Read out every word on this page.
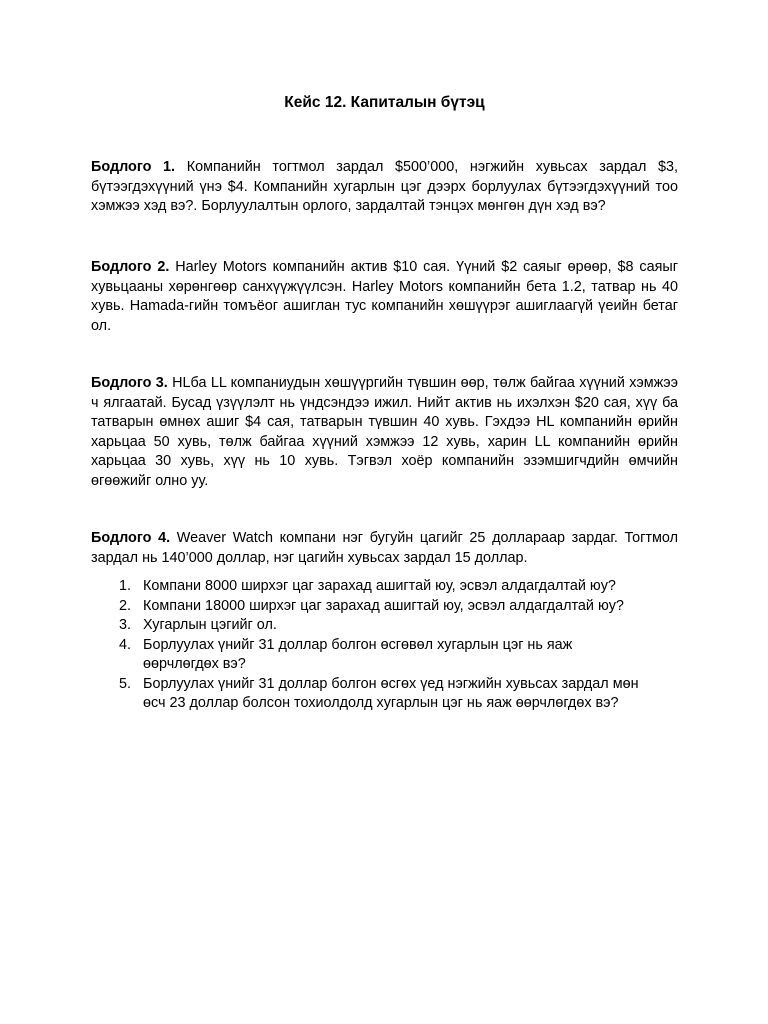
Кейс 12. Капиталын бүтэц

Бодлого 1. Компанийн тогтмол зардал $500’000, нэгжийн хувьсах зардал $3, бүтээгдэхүүний үнэ $4. Компанийн хугарлын цэг дээрх борлуулах бүтээгдэхүүний тоо хэмжээ хэд вэ?. Борлуулалтын орлого, зардалтай тэнцэх мөнгөн дүн хэд вэ?

Бодлого 2. Harley Motors компанийн актив $10 сая. Үүний $2 саяыг өрөөр, $8 саяыг хувьцааны хөрөнгөөр санхүүжүүлсэн. Harley Motors компанийн бета 1.2, татвар нь 40 хувь. Hamada-гийн томъёог ашиглан тус компанийн хөшүүрэг ашиглаагүй үеийн бетаг ол.

Бодлого 3. HLба LL компаниудын хөшүүргийн түвшин өөр, төлж байгаа хүүний хэмжээ ч ялгаатай. Бусад үзүүлэлт нь үндсэндээ ижил. Нийт актив нь ихэлхэн $20 сая, хүү ба татварын өмнөх ашиг $4 сая, татварын түвшин 40 хувь. Гэхдээ HL компанийн өрийн харьцаа 50 хувь, төлж байгаа хүүний хэмжээ 12 хувь, харин LL компанийн өрийн харьцаа 30 хувь, хүү нь 10 хувь. Тэгвэл хоёр компанийн эзэмшигчдийн өмчийн өгөөжийг олно уу.

Бодлого 4. Weaver Watch компани нэг бугуйн цагийг 25 доллараар зардаг. Тогтмол зардал нь 140’000 доллар, нэг цагийн хувьсах зардал 15 доллар.

1. Компани 8000 ширхэг цаг зарахад ашигтай юу, эсвэл алдагдалтай юу?
2. Компани 18000 ширхэг цаг зарахад ашигтай юу, эсвэл алдагдалтай юу?
3. Хугарлын цэгийг ол.
4. Борлуулах үнийг 31 доллар болгон өсгөвөл хугарлын цэг нь яаж өөрчлөгдөх вэ?
5. Борлуулах үнийг 31 доллар болгон өсгөх үед нэгжийн хувьсах зардал мөн өсч 23 доллар болсон тохиолдолд хугарлын цэг нь яаж өөрчлөгдөх вэ?
